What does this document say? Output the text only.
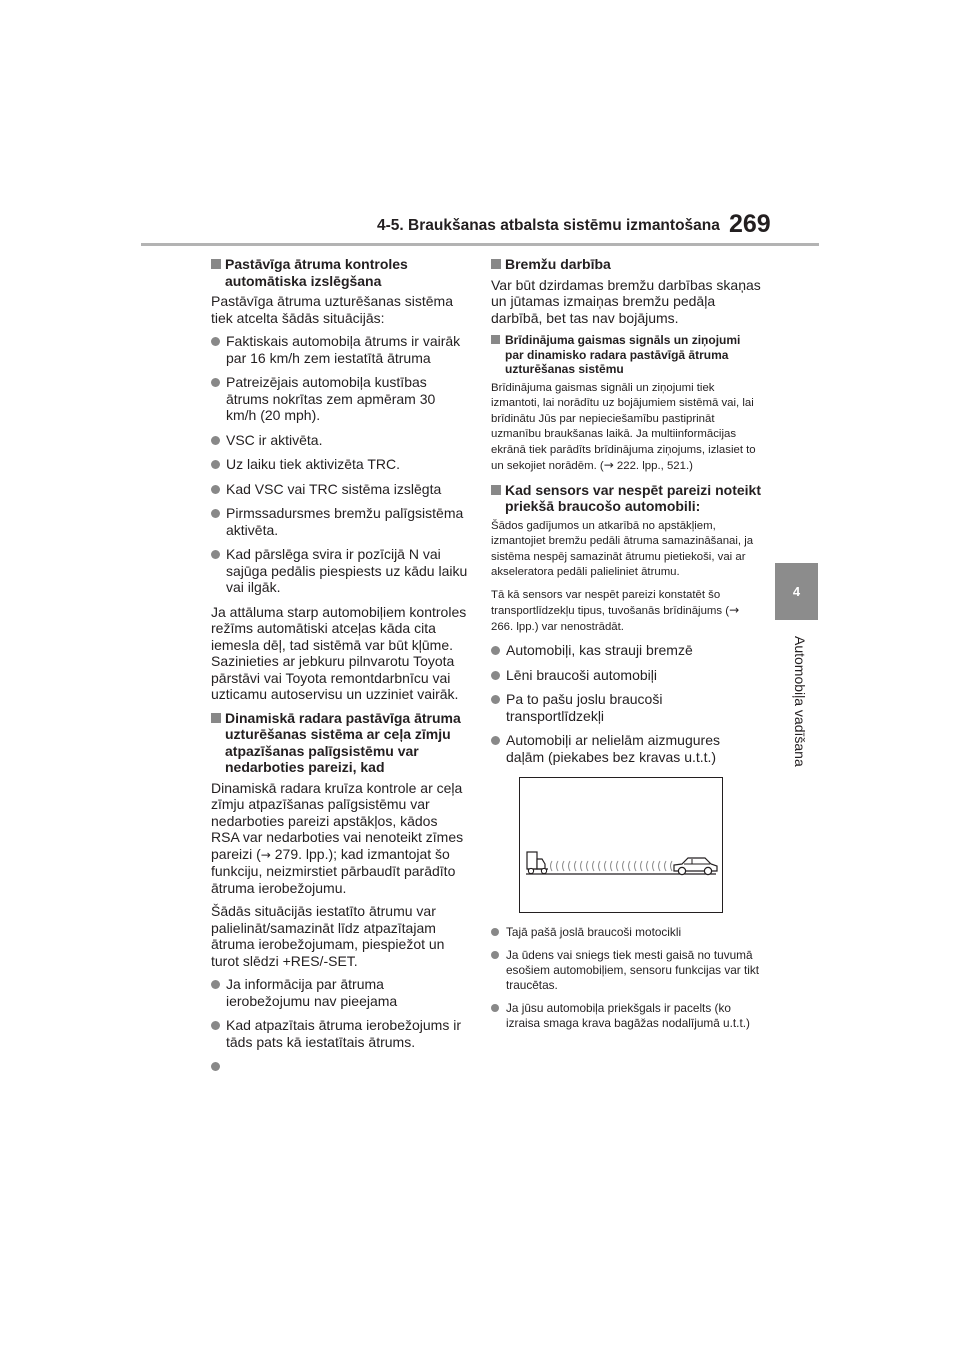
4-5. Braukšanas atbalsta sistēmu izmantošana 269
4
Automobiļa vadīšana
Pastāvīga ātruma kontroles automātiska izslēgšana

Pastāvīga ātruma uzturēšanas sistēma tiek atcelta šādās situācijās:

Faktiskais automobiļa ātrums ir vairāk par 16 km/h zem iestatītā ātruma
Patreizējais automobiļa kustības ātrums nokrītas zem apmēram 30 km/h (20 mph).
VSC ir aktivēta.
Uz laiku tiek aktivizēta TRC.
Kad VSC vai TRC sistēma izslēgta
Pirmssadursmes bremžu palīgsistēma aktivēta.
Kad pārslēga svira ir pozīcijā N vai sajūga pedālis piespiests uz kādu laiku vai ilgāk.

Ja attāluma starp automobiļiem kontroles režīms automātiski atceļas kāda cita iemesla dēļ, tad sistēmā var būt kļūme. Sazinieties ar jebkuru pilnvarotu Toyota pārstāvi vai Toyota remontdarbnīcu vai uzticamu autoservisu un uzziniet vairāk.

Dinamiskā radara pastāvīga ātruma uzturēšanas sistēma ar ceļa zīmju atpazīšanas palīgsistēmu var nedarboties pareizi, kad

Dinamiskā radara kruīza kontrole ar ceļa zīmju atpazīšanas palīgsistēmu var nedarboties pareizi apstākļos, kādos RSA var nedarboties vai nenoteikt zīmes pareizi (→ 279. lpp.); kad izmantojat šo funkciju, neizmirstiet pārbaudīt parādīto ātruma ierobežojumu.

Šādās situācijās iestatīto ātrumu var palielināt/samazināt līdz atpazītajam ātruma ierobežojumam, piespiežot un turot slēdzi +RES/-SET.

Ja informācija par ātruma ierobežojumu nav pieejama
Kad atpazītais ātruma ierobežojums ir tāds pats kā iestatītais ātrums.
Bremžu darbība

Var būt dzirdamas bremžu darbības skaņas un jūtamas izmaiņas bremžu pedāļa darbībā, bet tas nav bojājums.

Brīdinājuma gaismas signāls un ziņojumi par dinamisko radara pastāvīgā ātruma uzturēšanas sistēmu

Brīdinājuma gaismas signāli un ziņojumi tiek izmantoti, lai norādītu uz bojājumiem sistēmā vai, lai brīdinātu Jūs par nepieciešamību pastiprināt uzmanību braukšanas laikā. Ja multiinformācijas ekrānā tiek parādīts brīdinājuma ziņojums, izlasiet to un sekojiet norādēm. (→ 222. lpp., 521.)

Kad sensors var nespēt pareizi noteikt priekšā braucošo automobili:

Šādos gadījumos un atkarībā no apstākļiem, izmantojiet bremžu pedāli ātruma samazināšanai, ja sistēma nespēj samazināt ātrumu pietiekoši, vai ar akseleratora pedāli palieliniet ātrumu.

Tā kā sensors var nespēt pareizi konstatēt šo transportlīdzekļu tipus, tuvošanās brīdinājums (→ 266. lpp.) var nenostrādāt.

Automobiļi, kas strauji bremzē
Lēni braucoši automobiļi
Pa to pašu joslu braucoši transportlīdzekļi
Automobiļi ar nelielām aizmugures daļām (piekabes bez kravas u.t.t.)
Tajā pašā joslā braucoši motocikli
Ja ūdens vai sniegs tiek mesti gaisā no tuvumā esošiem automobiļiem, sensoru funkcijas var tikt traucētas.
Ja jūsu automobiļa priekšgals ir pacelts (ko izraisa smaga krava bagāžas nodalījumā u.t.t.)
